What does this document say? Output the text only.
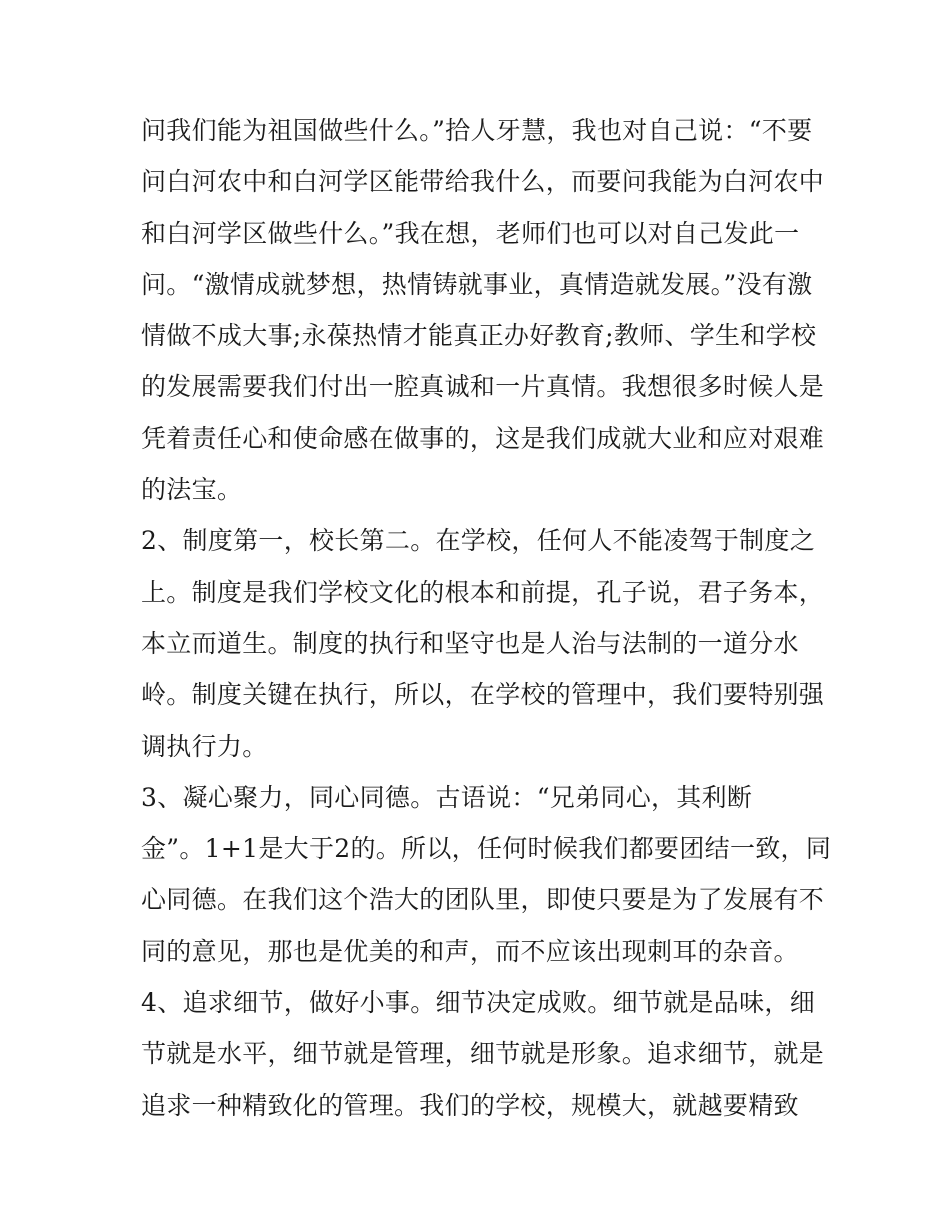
问我们能为祖国做些什么。”拾人牙慧，我也对自己说：“不要
问白河农中和白河学区能带给我什么，而要问我能为白河农中
和白河学区做些什么。”我在想，老师们也可以对自己发此一
问。“激情成就梦想，热情铸就事业，真情造就发展。”没有激
情做不成大事;永葆热情才能真正办好教育;教师、学生和学校
的发展需要我们付出一腔真诚和一片真情。我想很多时候人是
凭着责任心和使命感在做事的，这是我们成就大业和应对艰难
的法宝。
2、制度第一，校长第二。在学校，任何人不能凌驾于制度之
上。制度是我们学校文化的根本和前提，孔子说，君子务本，
本立而道生。制度的执行和坚守也是人治与法制的一道分水
岭。制度关键在执行，所以，在学校的管理中，我们要特别强
调执行力。
3、凝心聚力，同心同德。古语说：“兄弟同心，其利断
金”。1+1是大于2的。所以，任何时候我们都要团结一致，同
心同德。在我们这个浩大的团队里，即使只要是为了发展有不
同的意见，那也是优美的和声，而不应该出现刺耳的杂音。
4、追求细节，做好小事。细节决定成败。细节就是品味，细
节就是水平，细节就是管理，细节就是形象。追求细节，就是
追求一种精致化的管理。我们的学校，规模大，就越要精致
